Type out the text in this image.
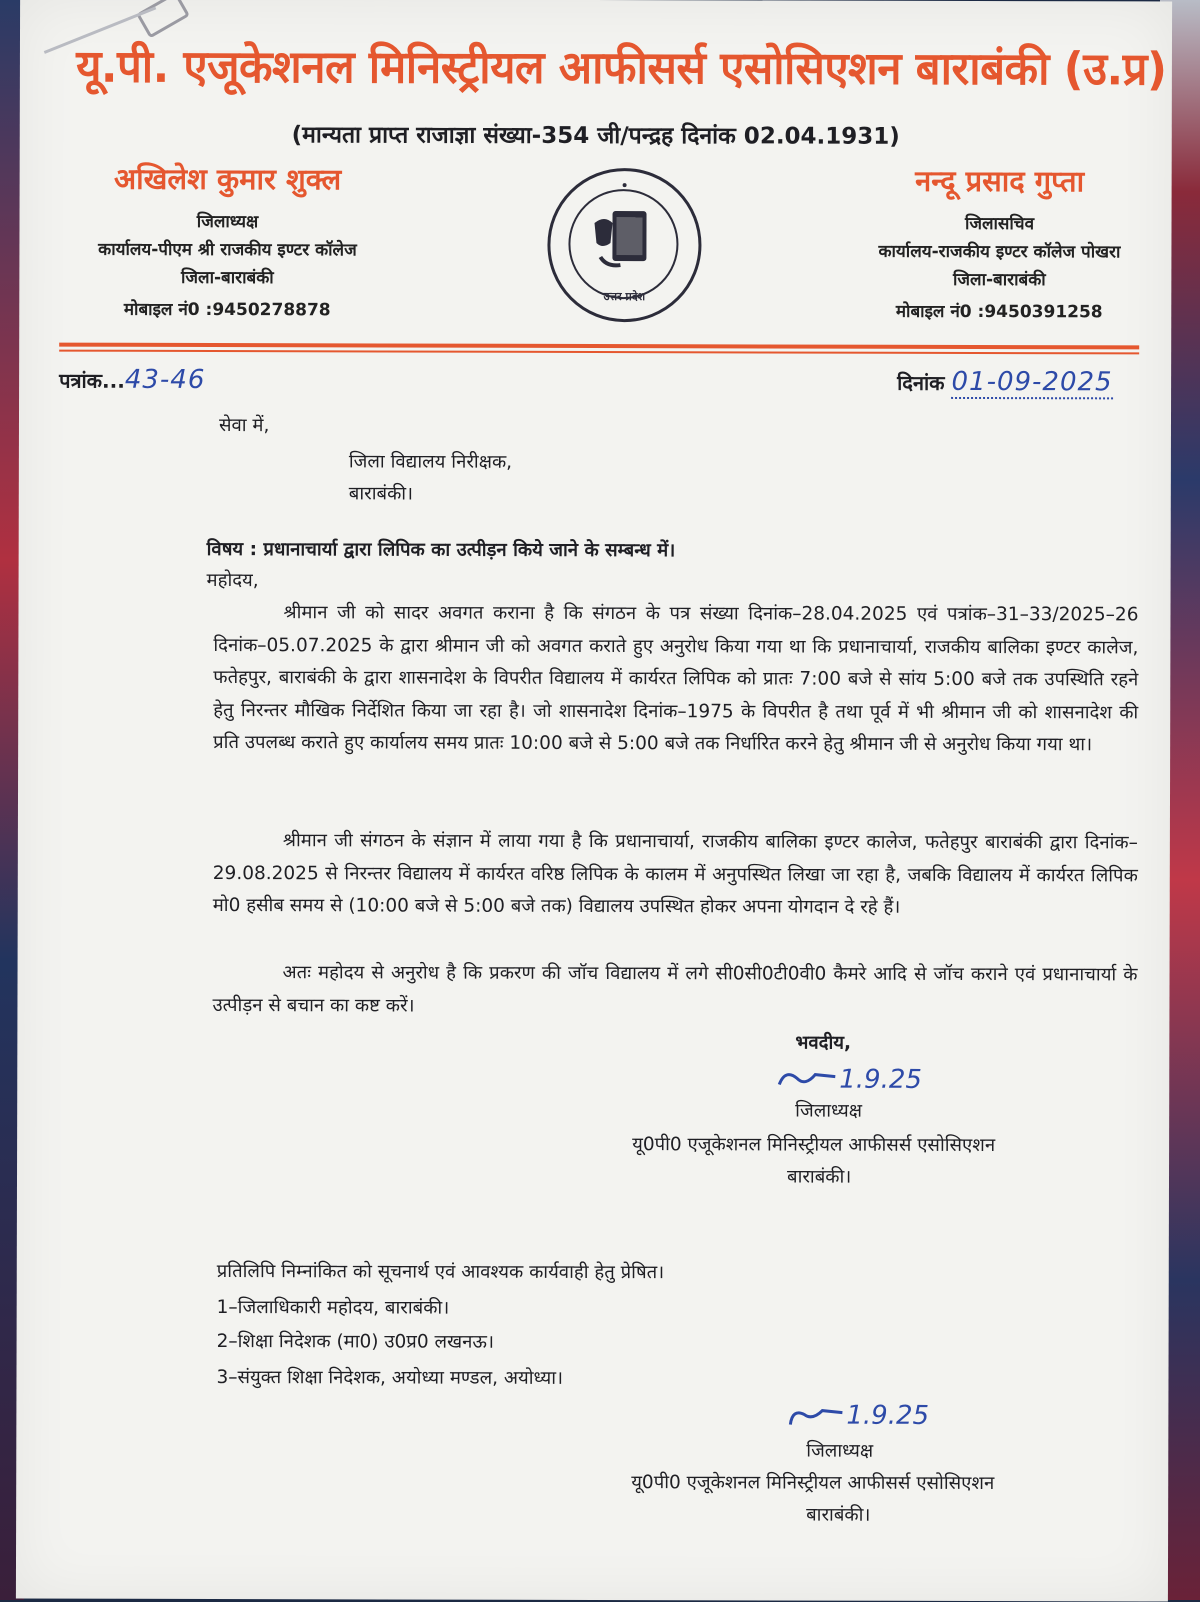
यू.पी. एजूकेशनल मिनिस्ट्रीयल आफीसर्स एसोसिएशन बाराबंकी (उ.प्र)
(मान्यता प्राप्त राजाज्ञा संख्या-354 जी/पन्द्रह दिनांक 02.04.1931)
अखिलेश कुमार शुक्ल
जिलाध्यक्ष
कार्यालय-पीएम श्री राजकीय इण्टर कॉलेज
जिला-बाराबंकी
मोबाइल नं0 :9450278878
उत्तर प्रदेश
नन्दू प्रसाद गुप्ता
जिलासचिव
कार्यालय-राजकीय इण्टर कॉलेज पोखरा
जिला-बाराबंकी
मोबाइल नं0 :9450391258
पत्रांक...43-46	दिनांक 01-09-2025
सेवा में,
जिला विद्यालय निरीक्षक,
बाराबंकी।
विषय : प्रधानाचार्या द्वारा लिपिक का उत्पीड़न किये जाने के सम्बन्ध में।
महोदय,
श्रीमान जी को सादर अवगत कराना है कि संगठन के पत्र संख्या दिनांक–28.04.2025 एवं पत्रांक–31–33/2025–26 दिनांक–05.07.2025 के द्वारा श्रीमान जी को अवगत कराते हुए अनुरोध किया गया था कि प्रधानाचार्या, राजकीय बालिका इण्टर कालेज, फतेहपुर, बाराबंकी के द्वारा शासनादेश के विपरीत विद्यालय में कार्यरत लिपिक को प्रातः 7:00 बजे से सांय 5:00 बजे तक उपस्थिति रहने हेतु निरन्तर मौखिक निर्देशित किया जा रहा है। जो शासनादेश दिनांक–1975 के विपरीत है तथा पूर्व में भी श्रीमान जी को शासनादेश की प्रति उपलब्ध कराते हुए कार्यालय समय प्रातः 10:00 बजे से 5:00 बजे तक निर्धारित करने हेतु श्रीमान जी से अनुरोध किया गया था।
श्रीमान जी संगठन के संज्ञान में लाया गया है कि प्रधानाचार्या, राजकीय बालिका इण्टर कालेज, फतेहपुर बाराबंकी द्वारा दिनांक–29.08.2025 से निरन्तर विद्यालय में कार्यरत वरिष्ठ लिपिक के कालम में अनुपस्थित लिखा जा रहा है, जबकि विद्यालय में कार्यरत लिपिक मो0 हसीब समय से (10:00 बजे से 5:00 बजे तक) विद्यालय उपस्थित होकर अपना योगदान दे रहे हैं।
अतः महोदय से अनुरोध है कि प्रकरण की जॉच विद्यालय में लगे सी0सी0टी0वी0 कैमरे आदि से जॉच कराने एवं प्रधानाचार्या के उत्पीड़न से बचान का कष्ट करें।
भवदीय,
1.9.25
जिलाध्यक्ष
यू0पी0 एजूकेशनल मिनिस्ट्रीयल आफीसर्स एसोसिएशन
बाराबंकी।
प्रतिलिपि निम्नांकित को सूचनार्थ एवं आवश्यक कार्यवाही हेतु प्रेषित।
1–जिलाधिकारी महोदय, बाराबंकी।
2–शिक्षा निदेशक (मा0) उ0प्र0 लखनऊ।
3–संयुक्त शिक्षा निदेशक, अयोध्या मण्डल, अयोध्या।
1.9.25
जिलाध्यक्ष
यू0पी0 एजूकेशनल मिनिस्ट्रीयल आफीसर्स एसोसिएशन
बाराबंकी।
